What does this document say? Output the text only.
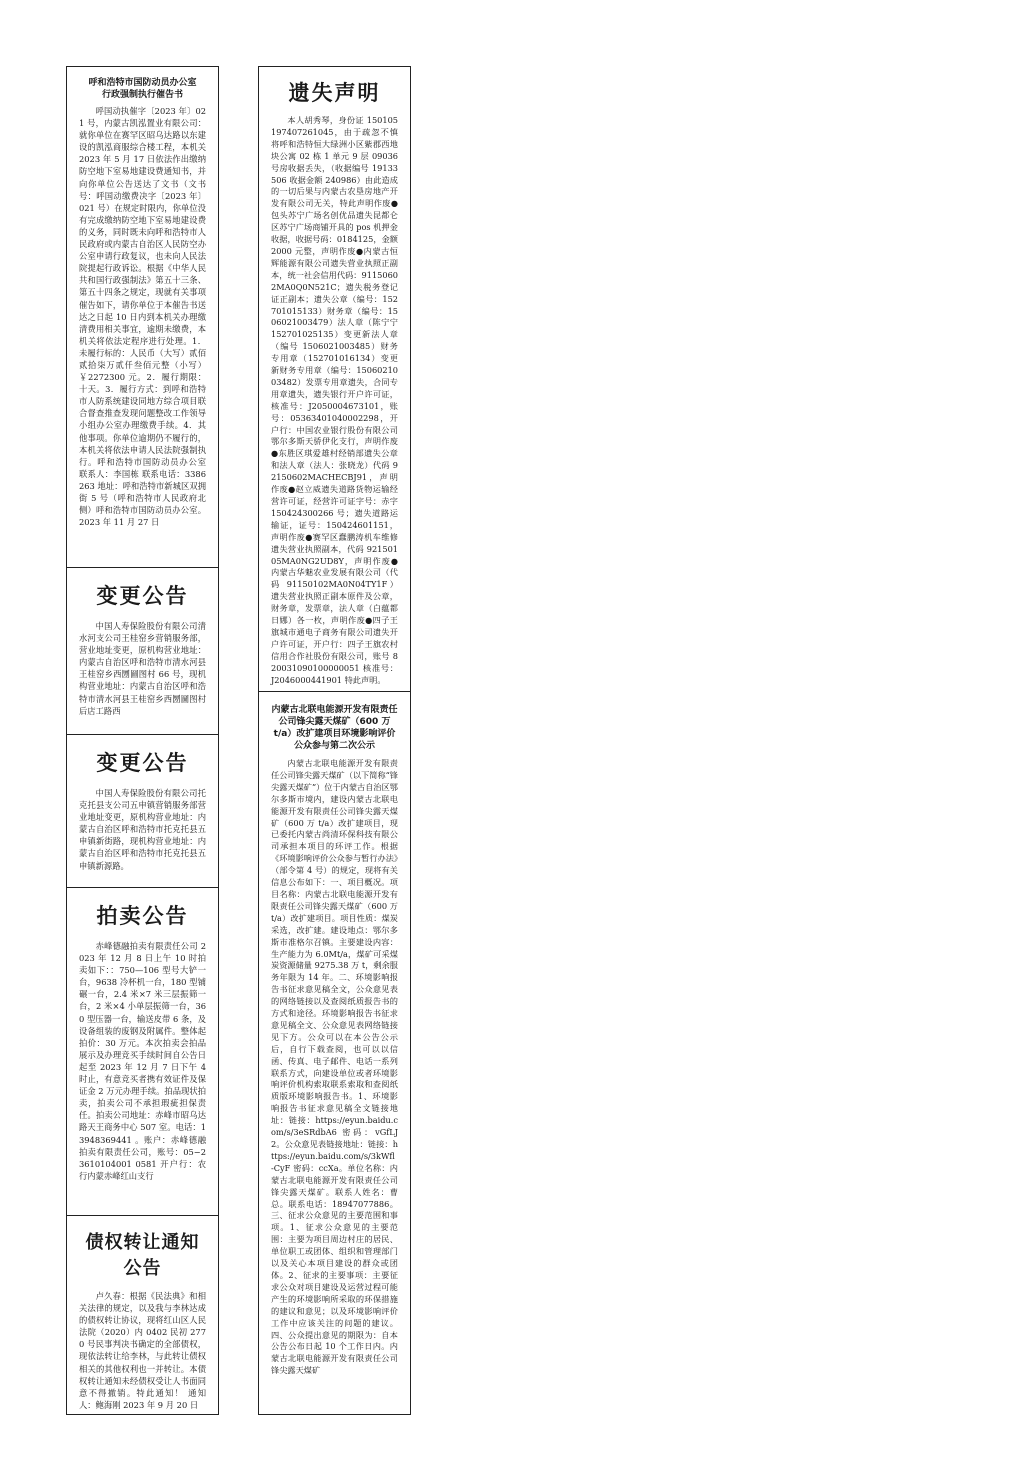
呼和浩特市国防动员办公室
行政强制执行催告书

呼国动执催字〔2023 年〕021 号，内蒙古凯泓置业有限公司：就你单位在赛罕区昭乌达路以东建设的凯泓商服综合楼工程，本机关 2023 年 5 月 17 日依法作出缴纳防空地下室易地建设费通知书，并向你单位公告送达了文书（文书号：呼国动缴费决字〔2023 年〕021 号）在规定时限内，你单位没有完成缴纳防空地下室易地建设费的义务，同时既未向呼和浩特市人民政府或内蒙古自治区人民防空办公室申请行政复议，也未向人民法院提起行政诉讼。根据《中华人民共和国行政强制法》第五十三条、第五十四条之规定，现就有关事项催告如下，请你单位于本催告书送达之日起 10 日内到本机关办理缴清费用相关事宜，逾期未缴费，本机关将依法定程序进行处理。1．未履行标的：人民币（大写）贰佰贰拾柒万贰仟叁佰元整（小写）￥2272300 元。2．履行期限：十天。3．履行方式：到呼和浩特市人防系统建设同地方综合项目联合督查推查发现问题整改工作领导小组办公室办理缴费手续。4．其他事项。你单位逾期仍不履行的，本机关将依法申请人民法院强制执行。呼和浩特市国防动员办公室 联系人：李国栋 联系电话：3386263 地址：呼和浩特市新城区双拥街 5 号（呼和浩特市人民政府北侧）呼和浩特市国防动员办公室。2023 年 11 月 27 日

变更公告

中国人寿保险股份有限公司清水河支公司王桂窑乡营销服务部，营业地址变更，原机构营业地址：内蒙古自治区呼和浩特市清水河县王桂窑乡西圐圙图村 66 号，现机构营业地址：内蒙古自治区呼和浩特市清水河县王桂窑乡西圐圙图村后店工路西

变更公告

中国人寿保险股份有限公司托克托县支公司五申镇营销服务部营业地址变更，原机构营业地址：内蒙古自治区呼和浩特市托克托县五申镇新街路，现机构营业地址：内蒙古自治区呼和浩特市托克托县五申镇新源路。

拍卖公告

赤峰德融拍卖有限责任公司 2023 年 12 月 8 日上午 10 时拍卖如下：：750—106 型号大铲一台，9638 冷杯机一台，180 型铺碾一台，2.4 米×7 米三层振筛一台，2 米×4 小单层振筛一台，360 型压器一台，输送皮带 6 条，及设备组装的废钢及附属件。整体起拍价：30 万元。本次拍卖会拍品展示及办理竞买手续时间自公告日起至 2023 年 12 月 7 日下午 4 时止，有意竞买者携有效证件及保证金 2 万元办理手续。拍品现状拍卖，拍卖公司不承担瑕疵担保责任。拍卖公司地址：赤峰市昭乌达路天王商务中心 507 室。电话：13948369441 。账户：赤峰德融拍卖有限责任公司，账号：05−23610104001 0581 开户行：农行内蒙赤峰红山支行

债权转让通知公告

卢久春：根据《民法典》和相关法律的规定，以及我与李林达成的债权转让协议，现将红山区人民法院（2020）内 0402 民初 2770 号民事判决书确定的全部债权，现依法转让给李林，与此转让债权相关的其他权利也一并转让。本债权转让通知未经债权受让人书面同意不得撤销。特此通知！ 通知人：鲍海刚 2023 年 9 月 20 日

遗失声明

本人胡秀琴，身份证 150105197407261045，由于疏忽不慎将呼和浩特恒大绿洲小区紫郡西地块公寓 02 栋 1 单元 9 层 09036 号房收据丢失，（收据编号 19133506 收据金额 240986）由此造成的一切后果与内蒙古农垦房地产开发有限公司无关，特此声明作废●包头苏宁广场名创优品遗失昆都仑区苏宁广场商铺开具的 pos 机押金收据，收据号码：0184125，金额 2000 元整，声明作废●内蒙古恒辉能源有限公司遗失营业执照正副本，统一社会信用代码：91150602MA0Q0N521C；遗失税务登记证正副本；遗失公章（编号：152701015133）财务章（编号：1506021003479）法人章（陈宁宁 152701025135）变更新法人章（编号 1506021003485）财务专用章（152701016134）变更新财务专用章（编号：1506021003482）发票专用章遗失，合同专用章遗失，遗失银行开户许可证，核准号：J2050004673101，账号：05363401040002298，开户行：中国农业银行股份有限公司鄂尔多斯天骄伊化支行，声明作废●东胜区琪爱雄村经销部遗失公章和法人章（法人：张晓龙）代码 92150602MACHECBJ91，声明作废●赵立威遗失道路货物运输经营许可证，经营许可证字号：赤字 150424300266 号；遗失道路运输证，证号：150424601151，声明作废●赛罕区蠢鹏涛机车维修遗失营业执照副本，代码 92150105MA0NG2UD8Y，声明作废●内蒙古华魅农业发展有限公司（代码 91150102MA0N04TY1F）遗失营业执照正副本原件及公章，财务章，发票章，法人章（白蕴都日娜）各一枚，声明作废●四子王旗城市通电子商务有限公司遗失开户许可证，开户行：四子王旗农村信用合作社股份有限公司，账号 820031090100000051 核准号：J2046000441901 特此声明。

内蒙古北联电能源开发有限责任公司锋尖露天煤矿（600 万 t/a）改扩建项目环境影响评价公众参与第二次公示

内蒙古北联电能源开发有限责任公司锋尖露天煤矿（以下简称“锋尖露天煤矿”）位于内蒙古自治区鄂尔多斯市境内，建设内蒙古北联电能源开发有限责任公司锋尖露天煤矿（600 万 t/a）改扩建项目，现已委托内蒙古尚清环保科技有限公司承担本项目的环评工作。根据《环境影响评价公众参与暂行办法》（部令第 4 号）的规定，现将有关信息公布如下：一、项目概况。项目名称：内蒙古北联电能源开发有限责任公司锋尖露天煤矿（600 万 t/a）改扩建项目。项目性质：煤炭采选，改扩建。建设地点：鄂尔多斯市准格尔召镇。主要建设内容：生产能力为 6.0Mt/a，煤矿可采煤炭资源储量 9275.38 万 t，剩余服务年限为 14 年。二、环境影响报告书征求意见稿全文，公众意见表的网络链接以及查阅纸质报告书的方式和途径。环境影响报告书征求意见稿全文、公众意见表网络链接见下方。公众可以在本公告公示后，自行下载查阅，也可以以信函、传真、电子邮件、电话一系列联系方式，向建设单位或者环境影响评价机构索取联系索取和查阅纸质版环境影响报告书。1、环境影响报告书征求意见稿全文链接地址：链接：https://eyun.baidu.com/s/3eSRdbA6 密码：vGfLJ2。公众意见表链接地址：链接：https://eyun.baidu.com/s/3kWfl -CyF 密码：ccXa。单位名称：内蒙古北联电能源开发有限责任公司锋尖露天煤矿。联系人姓名：曹总。联系电话：18947077886。三、征求公众意见的主要范围和事项。1、征求公众意见的主要范围：主要为项目周边村庄的居民、单位职工或团体、组织和管理部门以及关心本项目建设的群众或团体。2、征求的主要事项：主要征求公众对项目建设及运营过程可能产生的环境影响所采取的环保措施的建议和意见；以及环境影响评价工作中应该关注的问题的建议。四、公众提出意见的期限为：自本公告公布日起 10 个工作日内。内蒙古北联电能源开发有限责任公司锋尖露天煤矿
